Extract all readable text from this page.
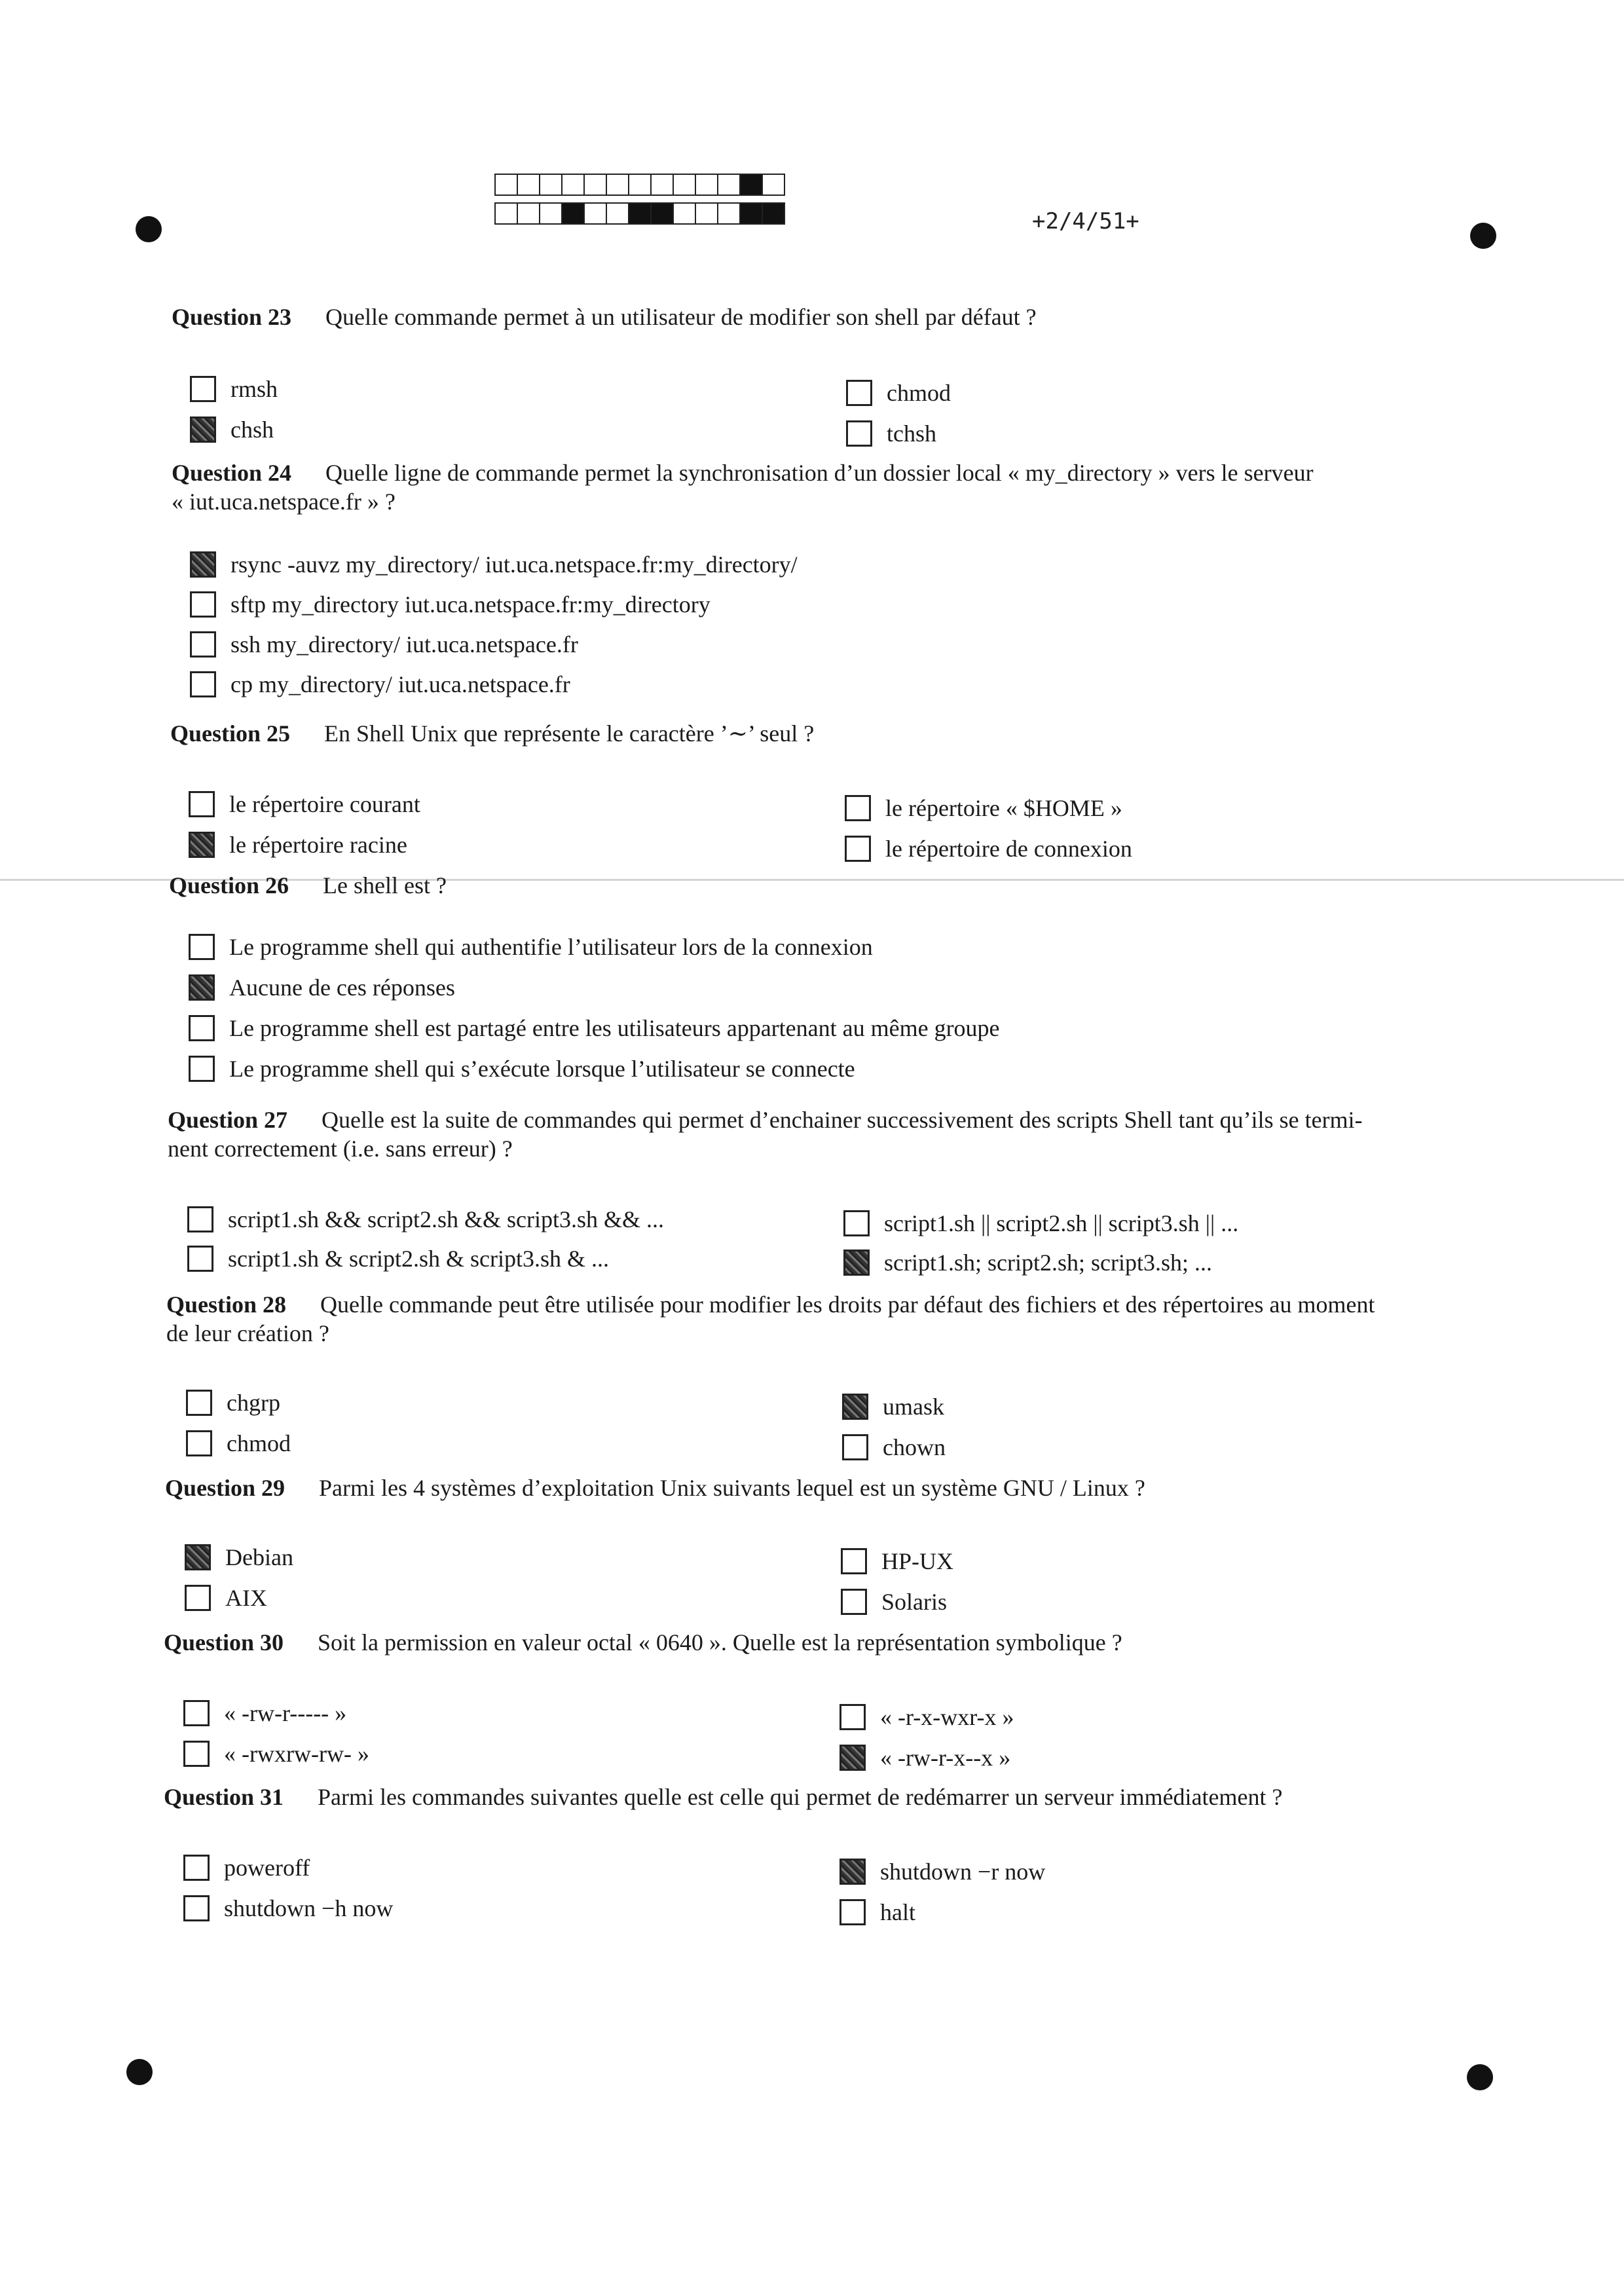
+2/4/51+
Question 23 Quelle commande permet à un utilisateur de modifier son shell par défaut ?
rmsh
chsh
chmod
tchsh
Question 24 Quelle ligne de commande permet la synchronisation d’un dossier local « my_directory » vers le serveur
« iut.uca.netspace.fr » ?
rsync -auvz my_directory/ iut.uca.netspace.fr:my_directory/
sftp my_directory iut.uca.netspace.fr:my_directory
ssh my_directory/ iut.uca.netspace.fr
cp my_directory/ iut.uca.netspace.fr
Question 25 En Shell Unix que représente le caractère ’∼’ seul ?
le répertoire courant
le répertoire racine
le répertoire « $HOME »
le répertoire de connexion
Question 26 Le shell est ?
Le programme shell qui authentifie l’utilisateur lors de la connexion
Aucune de ces réponses
Le programme shell est partagé entre les utilisateurs appartenant au même groupe
Le programme shell qui s’exécute lorsque l’utilisateur se connecte
Question 27 Quelle est la suite de commandes qui permet d’enchainer successivement des scripts Shell tant qu’ils se termi-
nent correctement (i.e. sans erreur) ?
script1.sh && script2.sh && script3.sh && ...
script1.sh & script2.sh & script3.sh & ...
script1.sh || script2.sh || script3.sh || ...
script1.sh; script2.sh; script3.sh; ...
Question 28 Quelle commande peut être utilisée pour modifier les droits par défaut des fichiers et des répertoires au moment
de leur création ?
chgrp
chmod
umask
chown
Question 29 Parmi les 4 systèmes d’exploitation Unix suivants lequel est un système GNU / Linux ?
Debian
AIX
HP-UX
Solaris
Question 30 Soit la permission en valeur octal « 0640 ». Quelle est la représentation symbolique ?
« -rw-r----- »
« -rwxrw-rw- »
« -r-x-wxr-x »
« -rw-r-x--x »
Question 31 Parmi les commandes suivantes quelle est celle qui permet de redémarrer un serveur immédiatement ?
poweroff
shutdown −h now
shutdown −r now
halt
